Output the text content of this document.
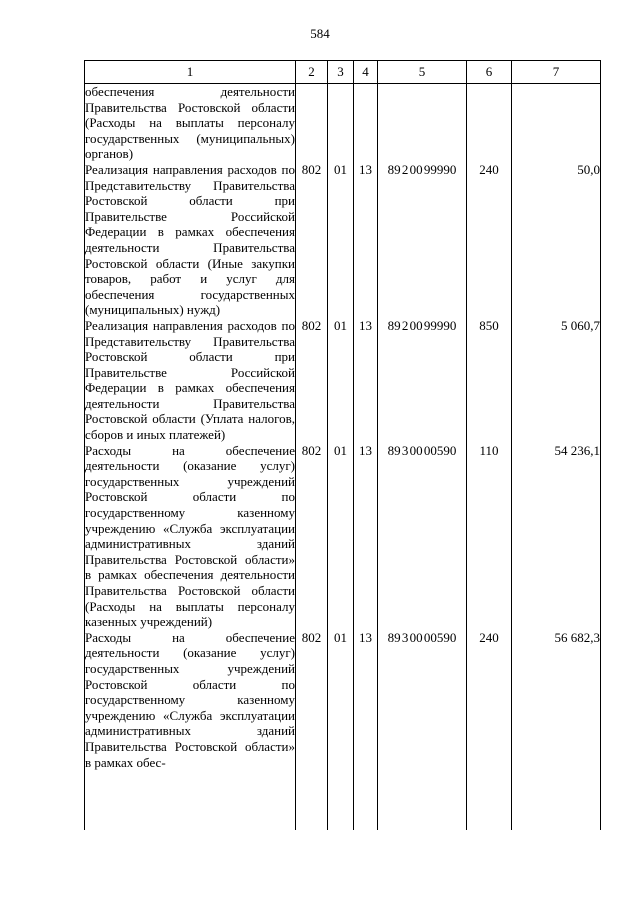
584
1	2	3	4	5	6	7
обеспечения деятельности Правительства Ростовской области (Расходы на выплаты персоналу государственных (муниципальных) органов)						
Реализация направления расходов по Представительству Правительства Ростовской области при Правительстве Российской Федерации в рамках обеспечения деятельности Правительства Ростовской области (Иные закупки товаров, работ и услуг для обеспечения государственных (муниципальных) нужд)	802	01	13	89 2 00 99990	240	50,0
Реализация направления расходов по Представительству Правительства Ростовской области при Правительстве Российской Федерации в рамках обеспечения деятельности Правительства Ростовской области (Уплата налогов, сборов и иных платежей)	802	01	13	89 2 00 99990	850	5 060,7
Расходы на обеспечение деятельности (оказание услуг) государственных учреждений Ростовской области по государственному казенному учреждению «Служба эксплуатации административных зданий Правительства Ростовской области» в рамках обеспечения деятельности Правительства Ростовской области (Расходы на выплаты персоналу казенных учреждений)	802	01	13	89 3 00 00590	110	54 236,1
Расходы на обеспечение деятельности (оказание услуг) государственных учреждений Ростовской области по государственному казенному учреждению «Служба эксплуатации административных зданий Правительства Ростовской области» в рамках обес-	802	01	13	89 3 00 00590	240	56 682,3
